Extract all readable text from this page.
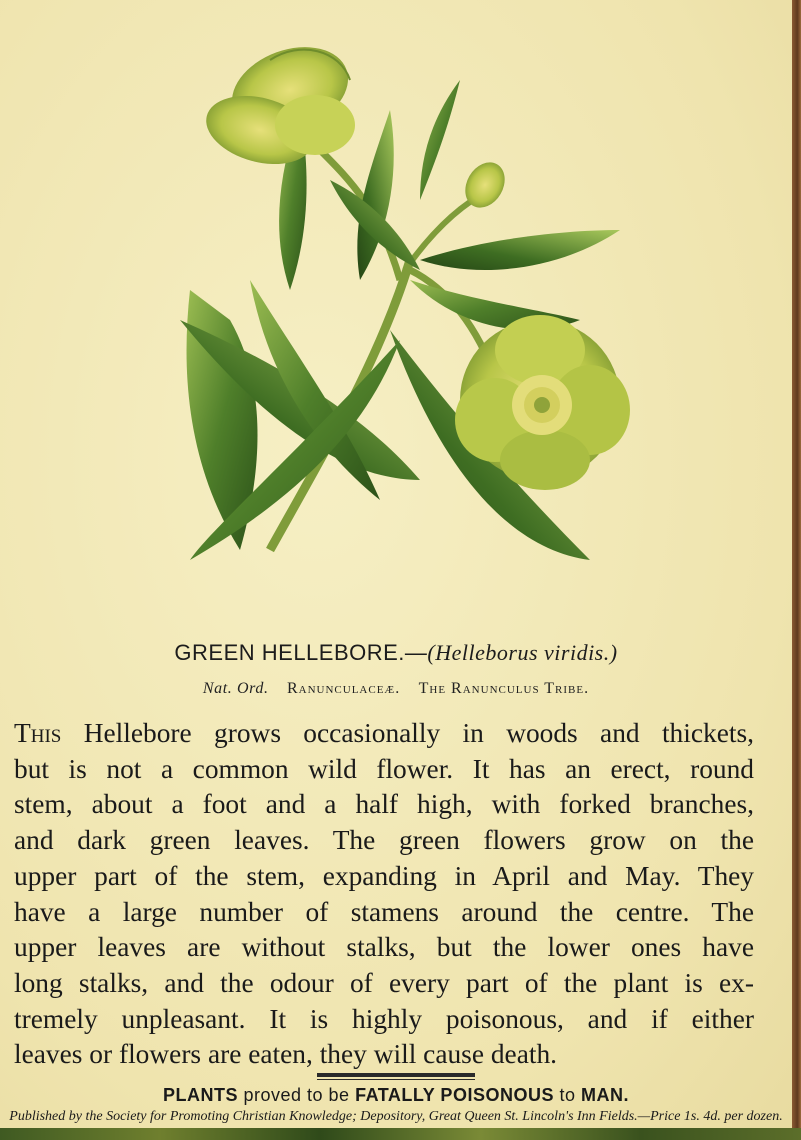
GREEN HELLEBORE.—(Helleborus viridis.)
Nat. Ord. Ranunculaceæ. The Ranunculus Tribe.
This Hellebore grows occasionally in woods and thickets,
but is not a common wild flower. It has an erect, round
stem, about a foot and a half high, with forked branches,
and dark green leaves. The green flowers grow on the
upper part of the stem, expanding in April and May. They
have a large number of stamens around the centre. The
upper leaves are without stalks, but the lower ones have
long stalks, and the odour of every part of the plant is ex-
tremely unpleasant. It is highly poisonous, and if either
leaves or flowers are eaten, they will cause death.
PLANTS proved to be FATALLY POISONOUS to MAN.
Published by the Society for Promoting Christian Knowledge; Depository, Great Queen St. Lincoln's Inn Fields.—Price 1s. 4d. per dozen.
